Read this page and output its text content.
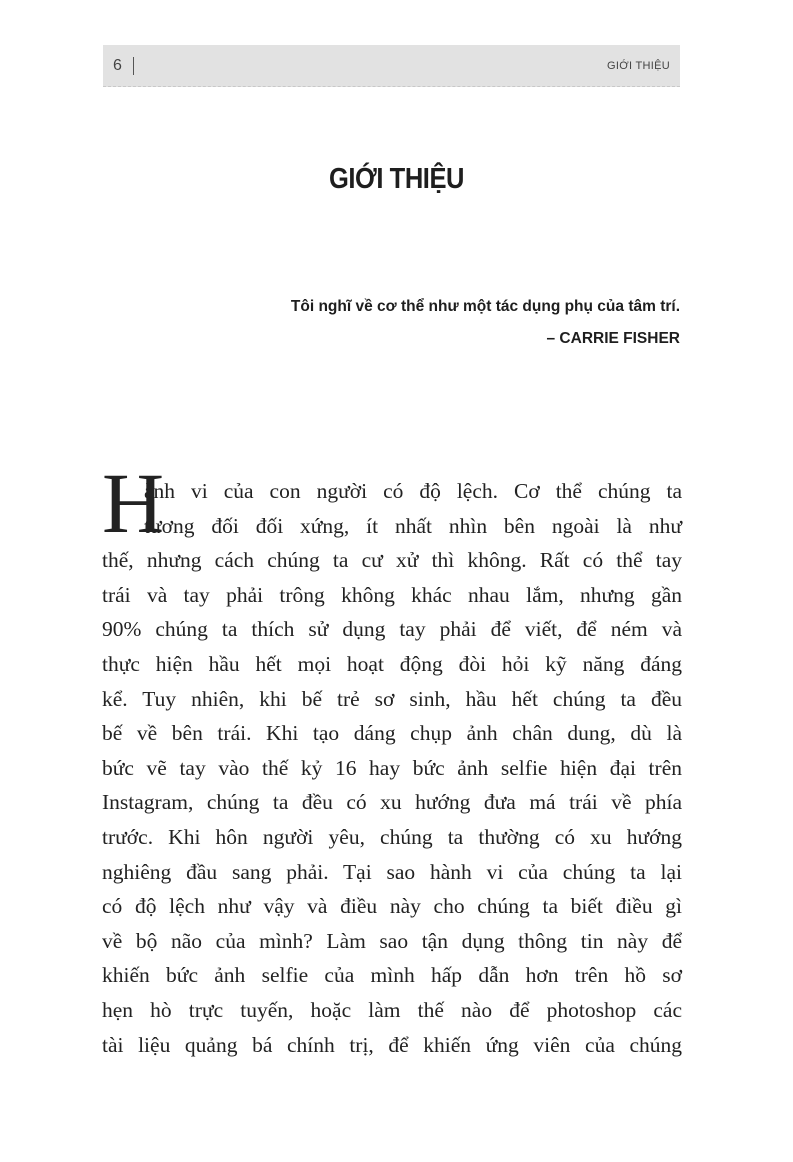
6	GIỚI THIỆU
GIỚI THIỆU
Tôi nghĩ về cơ thể như một tác dụng phụ của tâm trí.
– CARRIE FISHER
H
ành vi của con người có độ lệch. Cơ thể chúng ta
tương đối đối xứng, ít nhất nhìn bên ngoài là như
thế, nhưng cách chúng ta cư xử thì không. Rất có thể tay
trái và tay phải trông không khác nhau lắm, nhưng gần
90% chúng ta thích sử dụng tay phải để viết, để ném và
thực hiện hầu hết mọi hoạt động đòi hỏi kỹ năng đáng
kể. Tuy nhiên, khi bế trẻ sơ sinh, hầu hết chúng ta đều
bế về bên trái. Khi tạo dáng chụp ảnh chân dung, dù là
bức vẽ tay vào thế kỷ 16 hay bức ảnh selfie hiện đại trên
Instagram, chúng ta đều có xu hướng đưa má trái về phía
trước. Khi hôn người yêu, chúng ta thường có xu hướng
nghiêng đầu sang phải. Tại sao hành vi của chúng ta lại
có độ lệch như vậy và điều này cho chúng ta biết điều gì
về bộ não của mình? Làm sao tận dụng thông tin này để
khiến bức ảnh selfie của mình hấp dẫn hơn trên hồ sơ
hẹn hò trực tuyến, hoặc làm thế nào để photoshop các
tài liệu quảng bá chính trị, để khiến ứng viên của chúng
